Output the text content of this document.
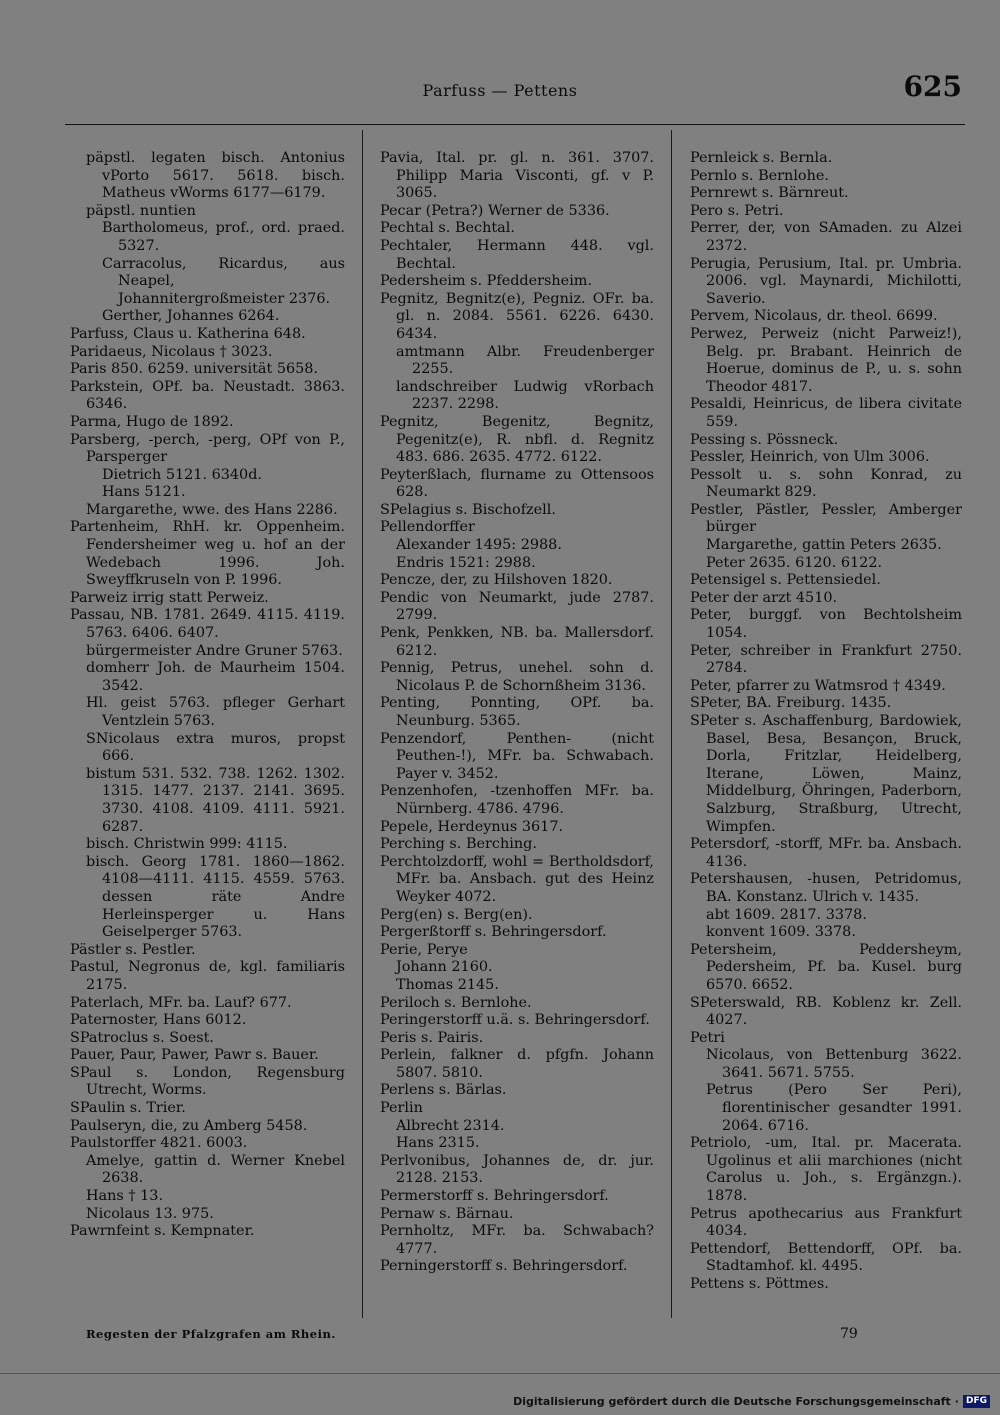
Parfuss — Pettens	625
päpstl. legaten bisch. Antonius vPorto 5617. 5618. bisch. Matheus vWorms 6177—6179.
päpstl. nuntien
Bartholomeus, prof., ord. praed. 5327.
Carracolus, Ricardus, aus Neapel, Johannitergroßmeister 2376.
Gerther, Johannes 6264.
Parfuss, Claus u. Katherina 648.
Paridaeus, Nicolaus † 3023.
Paris 850. 6259. universität 5658.
Parkstein, OPf. ba. Neustadt. 3863. 6346.
Parma, Hugo de 1892.
Parsberg, -perch, -perg, OPf von P., Parsperger
Dietrich 5121. 6340d.
Hans 5121.
Margarethe, wwe. des Hans 2286.
Partenheim, RhH. kr. Oppenheim. Fendersheimer weg u. hof an der Wedebach 1996. Joh. Sweyffkruseln von P. 1996.
Parweiz irrig statt Perweiz.
Passau, NB. 1781. 2649. 4115. 4119. 5763. 6406. 6407.
bürgermeister Andre Gruner 5763.
domherr Joh. de Maurheim 1504. 3542.
Hl. geist 5763. pfleger Gerhart Ventzlein 5763.
SNicolaus extra muros, propst 666.
bistum 531. 532. 738. 1262. 1302. 1315. 1477. 2137. 2141. 3695. 3730. 4108. 4109. 4111. 5921. 6287.
bisch. Christwin 999: 4115.
bisch. Georg 1781. 1860—1862. 4108—4111. 4115. 4559. 5763. dessen räte Andre Herleinsperger u. Hans Geiselperger 5763.
Pästler s. Pestler.
Pastul, Negronus de, kgl. familiaris 2175.
Paterlach, MFr. ba. Lauf? 677.
Paternoster, Hans 6012.
SPatroclus s. Soest.
Pauer, Paur, Pawer, Pawr s. Bauer.
SPaul s. London, Regensburg Utrecht, Worms.
SPaulin s. Trier.
Paulseryn, die, zu Amberg 5458.
Paulstorffer 4821. 6003.
Amelye, gattin d. Werner Knebel 2638.
Hans † 13.
Nicolaus 13. 975.
Pawrnfeint s. Kempnater.
Pavia, Ital. pr. gl. n. 361. 3707. Philipp Maria Visconti, gf. v P. 3065.
Pecar (Petra?) Werner de 5336.
Pechtal s. Bechtal.
Pechtaler, Hermann 448. vgl. Bechtal.
Pedersheim s. Pfeddersheim.
Pegnitz, Begnitz(e), Pegniz. OFr. ba. gl. n. 2084. 5561. 6226. 6430. 6434.
amtmann Albr. Freudenberger 2255.
landschreiber Ludwig vRorbach 2237. 2298.
Pegnitz, Begenitz, Begnitz, Pegenitz(e), R. nbfl. d. Regnitz 483. 686. 2635. 4772. 6122.
Peyterßlach, flurname zu Ottensoos 628.
SPelagius s. Bischofzell.
Pellendorffer
Alexander 1495: 2988.
Endris 1521: 2988.
Pencze, der, zu Hilshoven 1820.
Pendic von Neumarkt, jude 2787. 2799.
Penk, Penkken, NB. ba. Mallersdorf. 6212.
Pennig, Petrus, unehel. sohn d. Nicolaus P. de Schornßheim 3136.
Penting, Ponnting, OPf. ba. Neunburg. 5365.
Penzendorf, Penthen- (nicht Peuthen-!), MFr. ba. Schwabach. Payer v. 3452.
Penzenhofen, -tzenhoffen MFr. ba. Nürnberg. 4786. 4796.
Pepele, Herdeynus 3617.
Perching s. Berching.
Perchtolzdorff, wohl = Bertholdsdorf, MFr. ba. Ansbach. gut des Heinz Weyker 4072.
Perg(en) s. Berg(en).
Pergerßtorff s. Behringersdorf.
Perie, Perye
Johann 2160.
Thomas 2145.
Periloch s. Bernlohe.
Peringerstorff u.ä. s. Behringersdorf.
Peris s. Pairis.
Perlein, falkner d. pfgfn. Johann 5807. 5810.
Perlens s. Bärlas.
Perlin
Albrecht 2314.
Hans 2315.
Perlvonibus, Johannes de, dr. jur. 2128. 2153.
Permerstorff s. Behringersdorf.
Pernaw s. Bärnau.
Pernholtz, MFr. ba. Schwabach? 4777.
Perningerstorff s. Behringersdorf.
Pernleick s. Bernla.
Pernlo s. Bernlohe.
Pernrewt s. Bärnreut.
Pero s. Petri.
Perrer, der, von SAmaden. zu Alzei 2372.
Perugia, Perusium, Ital. pr. Umbria. 2006. vgl. Maynardi, Michilotti, Saverio.
Pervem, Nicolaus, dr. theol. 6699.
Perwez, Perweiz (nicht Parweiz!), Belg. pr. Brabant. Heinrich de Hoerue, dominus de P., u. s. sohn Theodor 4817.
Pesaldi, Heinricus, de libera civitate 559.
Pessing s. Pössneck.
Pessler, Heinrich, von Ulm 3006.
Pessolt u. s. sohn Konrad, zu Neumarkt 829.
Pestler, Pästler, Pessler, Amberger bürger
Margarethe, gattin Peters 2635.
Peter 2635. 6120. 6122.
Petensigel s. Pettensiedel.
Peter der arzt 4510.
Peter, burggf. von Bechtolsheim 1054.
Peter, schreiber in Frankfurt 2750. 2784.
Peter, pfarrer zu Watmsrod † 4349.
SPeter, BA. Freiburg. 1435.
SPeter s. Aschaffenburg, Bardowiek, Basel, Besa, Besançon, Bruck, Dorla, Fritzlar, Heidelberg, Iterane, Löwen, Mainz, Middelburg, Öhringen, Paderborn, Salzburg, Straßburg, Utrecht, Wimpfen.
Petersdorf, -storff, MFr. ba. Ansbach. 4136.
Petershausen, -husen, Petridomus, BA. Konstanz. Ulrich v. 1435.
abt 1609. 2817. 3378.
konvent 1609. 3378.
Petersheim, Peddersheym, Pedersheim, Pf. ba. Kusel. burg 6570. 6652.
SPeterswald, RB. Koblenz kr. Zell. 4027.
Petri
Nicolaus, von Bettenburg 3622. 3641. 5671. 5755.
Petrus (Pero Ser Peri), florentinischer gesandter 1991. 2064. 6716.
Petriolo, -um, Ital. pr. Macerata. Ugolinus et alii marchiones (nicht Carolus u. Joh., s. Ergänzgn.). 1878.
Petrus apothecarius aus Frankfurt 4034.
Pettendorf, Bettendorff, OPf. ba. Stadtamhof. kl. 4495.
Pettens s. Pöttmes.
Regesten der Pfalzgrafen am Rhein.	79
Digitalisierung gefördert durch die Deutsche Forschungsgemeinschaft · DFG
